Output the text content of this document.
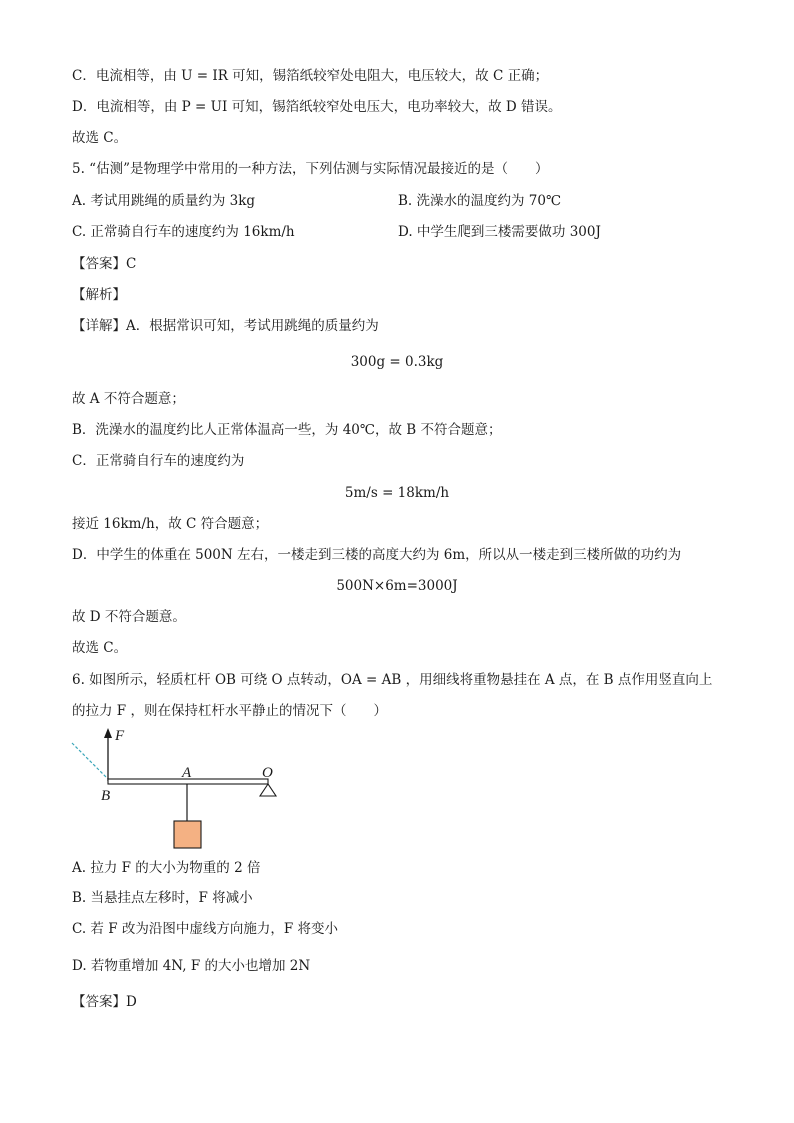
C．电流相等，由 U = IR 可知，锡箔纸较窄处电阻大，电压较大，故 C 正确；
D．电流相等，由 P = UI 可知，锡箔纸较窄处电压大，电功率较大，故 D 错误。
故选 C。
5. “估测”是物理学中常用的一种方法，下列估测与实际情况最接近的是（　　）
A. 考试用跳绳的质量约为 3kg	B. 洗澡水的温度约为 70℃
C. 正常骑自行车的速度约为 16km/h	D. 中学生爬到三楼需要做功 300J
【答案】C
【解析】
【详解】A．根据常识可知，考试用跳绳的质量约为
300g = 0.3kg
故 A 不符合题意；
B．洗澡水的温度约比人正常体温高一些，为 40℃，故 B 不符合题意；
C．正常骑自行车的速度约为
5m/s = 18km/h
接近 16km/h，故 C 符合题意；
D．中学生的体重在 500N 左右，一楼走到三楼的高度大约为 6m，所以从一楼走到三楼所做的功约为
500N×6m=3000J
故 D 不符合题意。
故选 C。
6. 如图所示，轻质杠杆 OB 可绕 O 点转动，OA = AB ，用细线将重物悬挂在 A 点，在 B 点作用竖直向上
的拉力 F ，则在保持杠杆水平静止的情况下（　　）
F
A	O
B
A. 拉力 F 的大小为物重的 2 倍
B. 当悬挂点左移时，F 将减小
C. 若 F 改为沿图中虚线方向施力，F 将变小
D. 若物重增加 4N, F 的大小也增加 2N
【答案】D
